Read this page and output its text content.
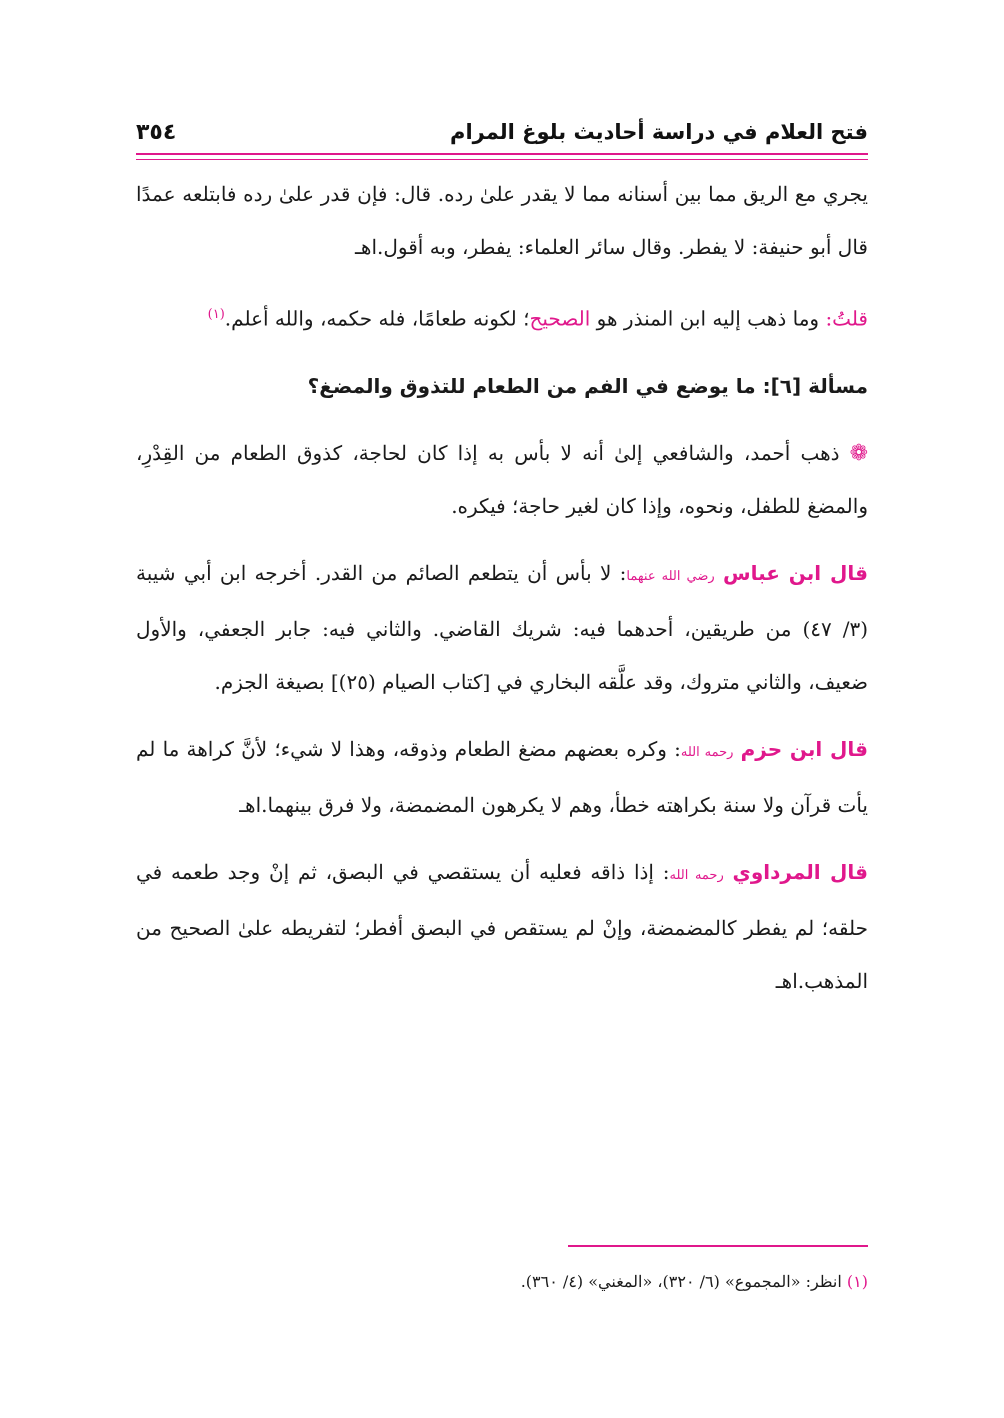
فتح العلام في دراسة أحاديث بلوغ المرام
٣٥٤

يجري مع الريق مما بين أسنانه مما لا يقدر علىٰ رده. قال: فإن قدر علىٰ رده فابتلعه عمدًا قال أبو حنيفة: لا يفطر. وقال سائر العلماء: يفطر، وبه أقول.اهـ

قلتُ: وما ذهب إليه ابن المنذر هو الصحيح؛ لكونه طعامًا، فله حكمه، والله أعلم.$^{(١)}$

مسألة [٦]: ما يوضع في الفم من الطعام للتذوق والمضغ؟

❁ذهب أحمد، والشافعي إلىٰ أنه لا بأس به إذا كان لحاجة، كذوق الطعام من القِدْرِ، والمضغ للطفل، ونحوه، وإذا كان لغير حاجة؛ فيكره.

قال ابن عباس رضي الله عنهما: لا بأس أن يتطعم الصائم من القدر. أخرجه ابن أبي شيبة (٣/ ٤٧) من طريقين، أحدهما فيه: شريك القاضي. والثاني فيه: جابر الجعفي، والأول ضعيف، والثاني متروك، وقد علَّقه البخاري في [كتاب الصيام (٢٥)] بصيغة الجزم.

قال ابن حزم رحمه الله: وكره بعضهم مضغ الطعام وذوقه، وهذا لا شيء؛ لأنَّ كراهة ما لم يأت قرآن ولا سنة بكراهته خطأ، وهم لا يكرهون المضمضة، ولا فرق بينهما.اهـ

قال المرداوي رحمه الله: إذا ذاقه فعليه أن يستقصي في البصق، ثم إنْ وجد طعمه في حلقه؛ لم يفطر كالمضمضة، وإنْ لم يستقص في البصق أفطر؛ لتفريطه علىٰ الصحيح من المذهب.اهـ

(١) انظر: «المجموع» (٦/ ٣٢٠)، «المغني» (٤/ ٣٦٠).
